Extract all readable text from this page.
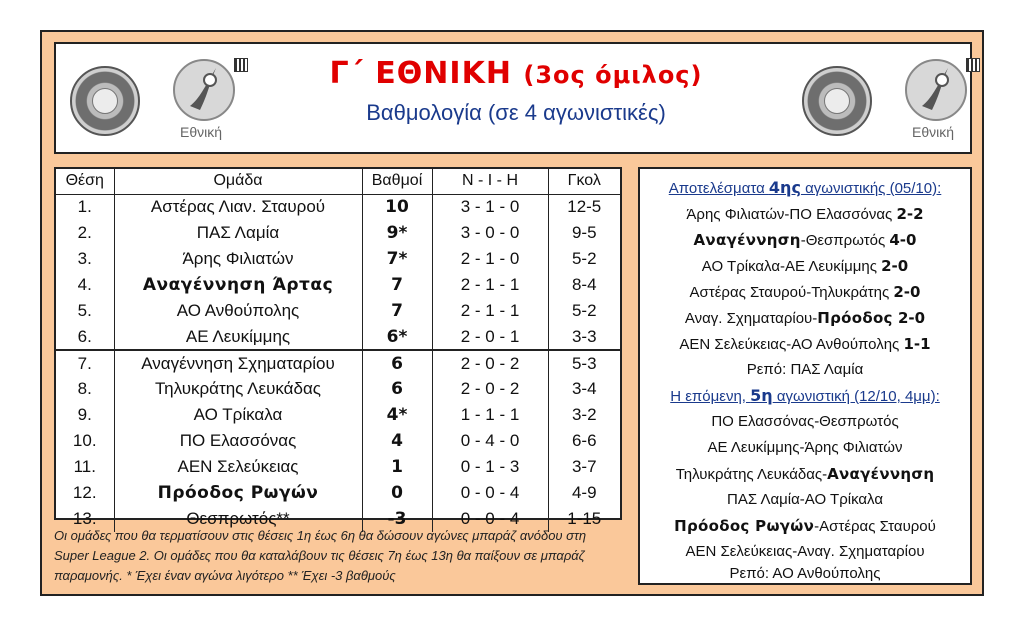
Εθνική
Γ΄ ΕΘΝΙΚΗ (3ος όμιλος)
Βαθμολογία (σε 4 αγωνιστικές)
Εθνική
Θέση	Ομάδα	Βαθμοί	Ν - Ι - Η	Γκολ
1.	Αστέρας Λιαν. Σταυρού	10	3 - 1 - 0	12-5
2.	ΠΑΣ Λαμία	9*	3 - 0 - 0	9-5
3.	Άρης Φιλιατών	7*	2 - 1 - 0	5-2
4.	Αναγέννηση Άρτας	7	2 - 1 - 1	8-4
5.	ΑΟ Ανθούπολης	7	2 - 1 - 1	5-2
6.	ΑΕ Λευκίμμης	6*	2 - 0 - 1	3-3
7.	Αναγέννηση Σχηματαρίου	6	2 - 0 - 2	5-3
8.	Τηλυκράτης Λευκάδας	6	2 - 0 - 2	3-4
9.	ΑΟ Τρίκαλα	4*	1 - 1 - 1	3-2
10.	ΠΟ Ελασσόνας	4	0 - 4 - 0	6-6
11.	ΑΕΝ Σελεύκειας	1	0 - 1 - 3	3-7
12.	Πρόοδος Ρωγών	0	0 - 0 - 4	4-9
13.	Θεσπρωτός**	-3	0 - 0 - 4	1-15
Οι ομάδες που θα τερματίσουν στις θέσεις 1η έως 6η θα δώσουν αγώνες μπαράζ ανόδου στη Super League 2. Οι ομάδες που θα καταλάβουν τις θέσεις 7η έως 13η θα παίξουν σε μπαράζ παραμονής. * Έχει έναν αγώνα λιγότερο ** Έχει -3 βαθμούς
Αποτελέσματα 4ης αγωνιστικής (05/10):
Άρης Φιλιατών-ΠΟ Ελασσόνας 2-2
Αναγέννηση-Θεσπρωτός 4-0
ΑΟ Τρίκαλα-ΑΕ Λευκίμμης 2-0
Αστέρας Σταυρού-Τηλυκράτης 2-0
Αναγ. Σχηματαρίου-Πρόοδος 2-0
ΑΕΝ Σελεύκειας-ΑΟ Ανθούπολης 1-1
Ρεπό: ΠΑΣ Λαμία
Η επόμενη, 5η αγωνιστική (12/10, 4μμ):
ΠΟ Ελασσόνας-Θεσπρωτός
ΑΕ Λευκίμμης-Άρης Φιλιατών
Τηλυκράτης Λευκάδας-Αναγέννηση
ΠΑΣ Λαμία-ΑΟ Τρίκαλα
Πρόοδος Ρωγών-Αστέρας Σταυρού
ΑΕΝ Σελεύκειας-Αναγ. Σχηματαρίου
Ρεπό: ΑΟ Ανθούπολης
